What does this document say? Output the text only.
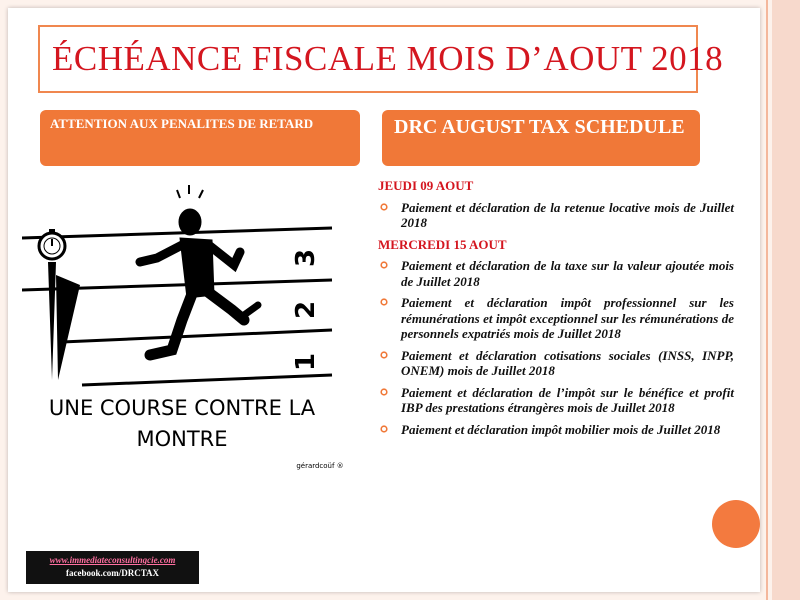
ÉCHÉANCE FISCALE MOIS D’AOUT 2018
ATTENTION AUX PENALITES DE RETARD	DRC AUGUST TAX SCHEDULE
3
2
1
UNE COURSE CONTRE LA
MONTRE
gérardcoüf ®
JEUDI 09 AOUT
Paiement et déclaration de la retenue locative mois de Juillet 2018
MERCREDI 15 AOUT
Paiement et déclaration de la taxe sur la valeur ajoutée mois de Juillet 2018
Paiement et déclaration impôt professionnel sur les rémunérations et impôt exceptionnel sur les rémunérations de personnels expatriés mois de Juillet 2018
Paiement et déclaration cotisations sociales (INSS, INPP, ONEM) mois de Juillet 2018
Paiement et déclaration de l’impôt sur le bénéfice et profit IBP des prestations étrangères mois de Juillet 2018
Paiement et déclaration impôt mobilier mois de Juillet 2018
www.immediateconsultingcie.com
facebook.com/DRCTAX
